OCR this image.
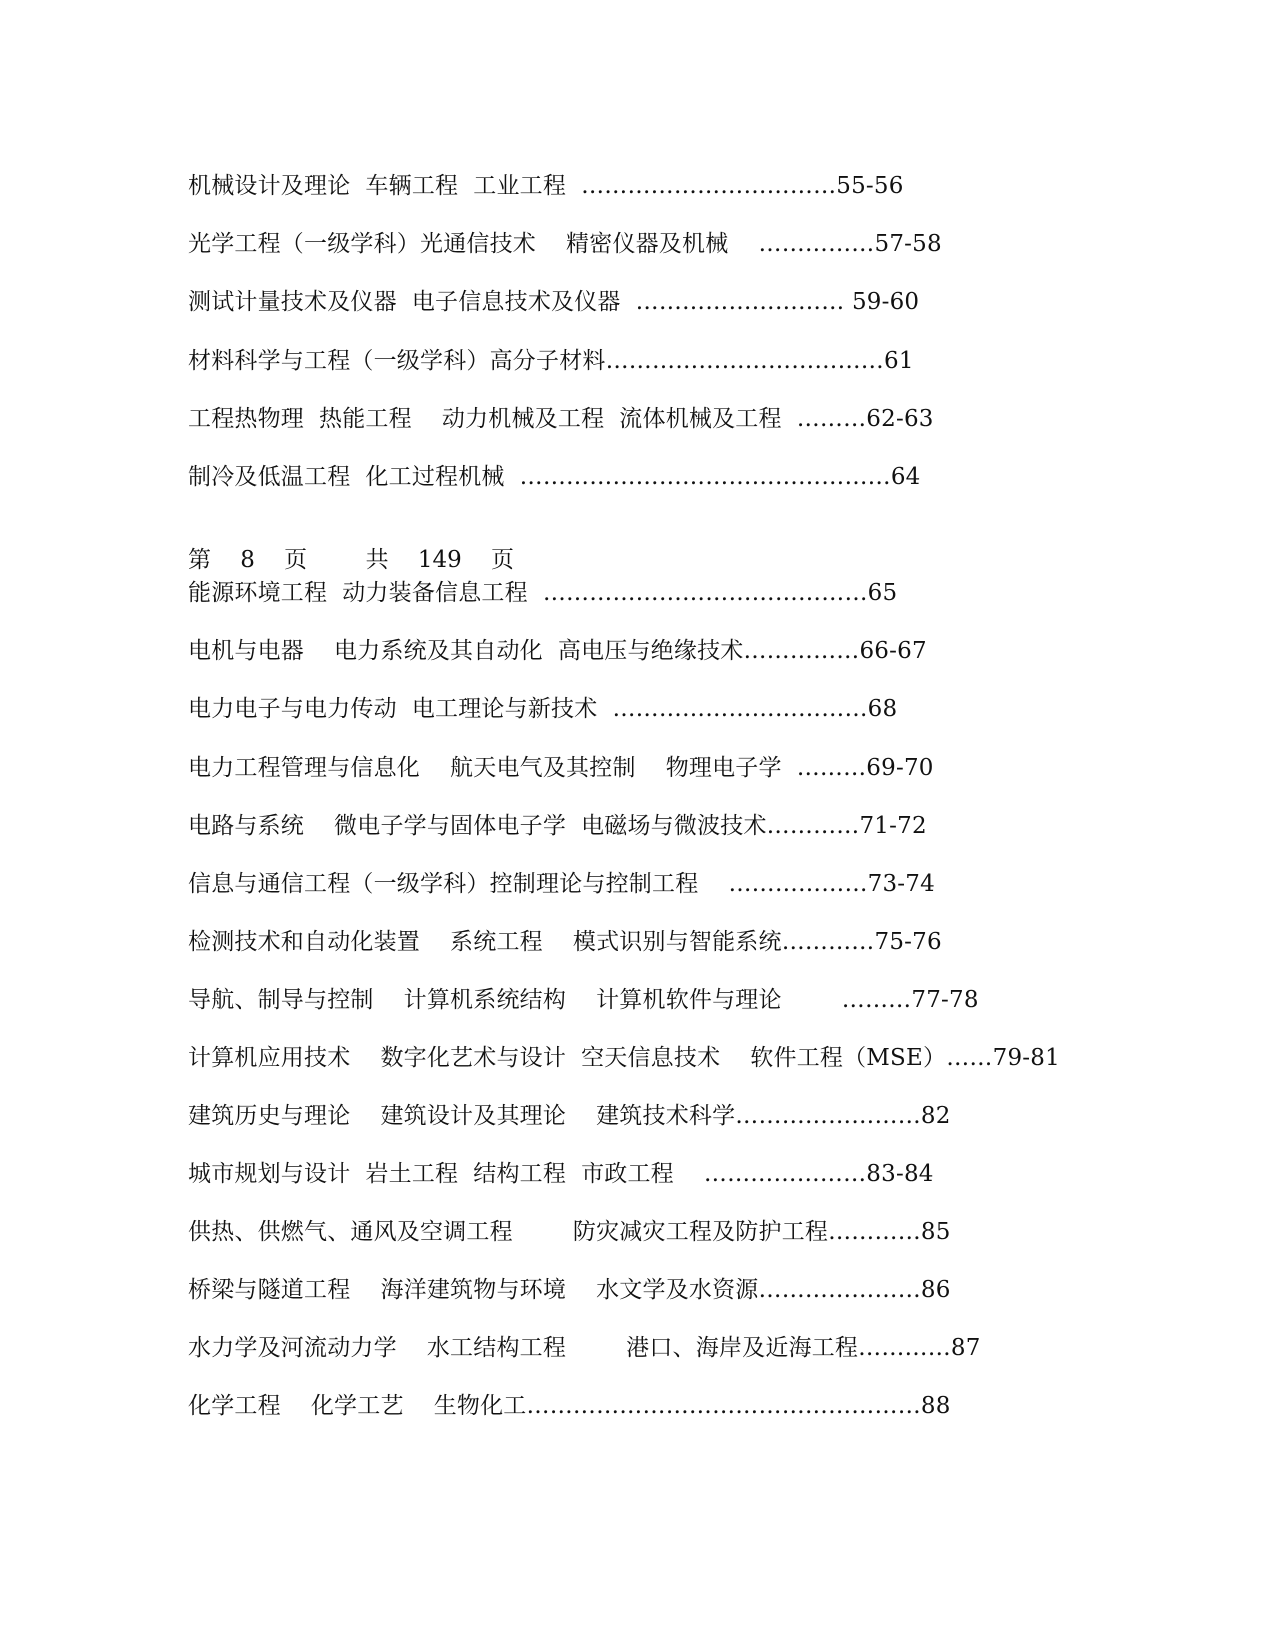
机械设计及理论  车辆工程  工业工程  ……………………………55-56
光学工程（一级学科）光通信技术    精密仪器及机械    ……………57-58
测试计量技术及仪器  电子信息技术及仪器  ……………………… 59-60
材料科学与工程（一级学科）高分子材料………………………………61
工程热物理  热能工程    动力机械及工程  流体机械及工程  ………62-63
制冷及低温工程  化工过程机械  …………………………………………64
第    8    页        共    149    页
能源环境工程  动力装备信息工程  ……………………………………65
电机与电器    电力系统及其自动化  高电压与绝缘技术……………66-67
电力电子与电力传动  电工理论与新技术  ……………………………68
电力工程管理与信息化    航天电气及其控制    物理电子学  ………69-70
电路与系统    微电子学与固体电子学  电磁场与微波技术…………71-72
信息与通信工程（一级学科）控制理论与控制工程    ………………73-74
检测技术和自动化装置    系统工程    模式识别与智能系统…………75-76
导航、制导与控制    计算机系统结构    计算机软件与理论        ………77-78
计算机应用技术    数字化艺术与设计  空天信息技术    软件工程（MSE）……79-81
建筑历史与理论    建筑设计及其理论    建筑技术科学……………………82
城市规划与设计  岩土工程  结构工程  市政工程    …………………83-84
供热、供燃气、通风及空调工程        防灾减灾工程及防护工程…………85
桥梁与隧道工程    海洋建筑物与环境    水文学及水资源…………………86
水力学及河流动力学    水工结构工程        港口、海岸及近海工程…………87
化学工程    化学工艺    生物化工……………………………………………88
